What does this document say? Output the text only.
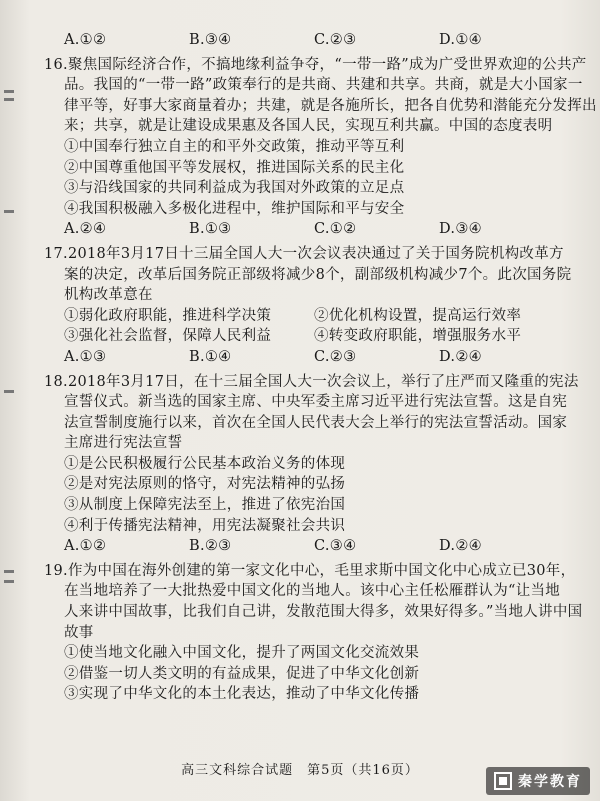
A.①②	B.③④	C.②③	D.①④
16.聚焦国际经济合作，不搞地缘利益争夺，“一带一路”成为广受世界欢迎的公共产
品。我国的“一带一路”政策奉行的是共商、共建和共享。共商，就是大小国家一
律平等，好事大家商量着办；共建，就是各施所长，把各自优势和潜能充分发挥出
来；共享，就是让建设成果惠及各国人民，实现互利共赢。中国的态度表明
①中国奉行独立自主的和平外交政策，推动平等互利
②中国尊重他国平等发展权，推进国际关系的民主化
③与沿线国家的共同利益成为我国对外政策的立足点
④我国积极融入多极化进程中，维护国际和平与安全
A.②④	B.①③	C.①②	D.③④
17.2018年3月17日十三届全国人大一次会议表决通过了关于国务院机构改革方
案的决定，改革后国务院正部级将减少8个，副部级机构减少7个。此次国务院
机构改革意在
①弱化政府职能，推进科学决策	②优化机构设置，提高运行效率
③强化社会监督，保障人民利益	④转变政府职能，增强服务水平
A.①③	B.①④	C.②③	D.②④
18.2018年3月17日，在十三届全国人大一次会议上，举行了庄严而又隆重的宪法
宣誓仪式。新当选的国家主席、中央军委主席习近平进行宪法宣誓。这是自宪
法宣誓制度施行以来，首次在全国人民代表大会上举行的宪法宣誓活动。国家
主席进行宪法宣誓
①是公民积极履行公民基本政治义务的体现
②是对宪法原则的恪守，对宪法精神的弘扬
③从制度上保障宪法至上，推进了依宪治国
④利于传播宪法精神，用宪法凝聚社会共识
A.①②	B.②③	C.③④	D.②④
19.作为中国在海外创建的第一家文化中心，毛里求斯中国文化中心成立已30年，
在当地培养了一大批热爱中国文化的当地人。该中心主任松雁群认为“让当地
人来讲中国故事，比我们自己讲，发散范围大得多，效果好得多。”当地人讲中国
故事
①使当地文化融入中国文化，提升了两国文化交流效果
②借鉴一切人类文明的有益成果，促进了中华文化创新
③实现了中华文化的本土化表达，推动了中华文化传播
高三文科综合试题　第5页（共16页）
秦学教育
